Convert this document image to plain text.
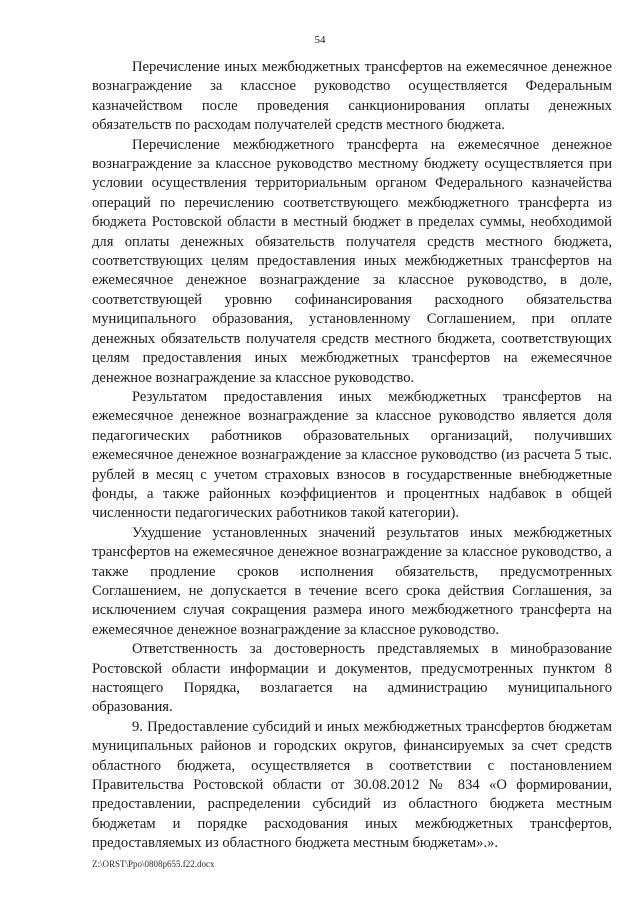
54

Перечисление иных межбюджетных трансфертов на ежемесячное денежное вознаграждение за классное руководство осуществляется Федеральным казначейством после проведения санкционирования оплаты денежных обязательств по расходам получателей средств местного бюджета.

Перечисление межбюджетного трансферта на ежемесячное денежное вознаграждение за классное руководство местному бюджету осуществляется при условии осуществления территориальным органом Федерального казначейства операций по перечислению соответствующего межбюджетного трансферта из бюджета Ростовской области в местный бюджет в пределах суммы, необходимой для оплаты денежных обязательств получателя средств местного бюджета, соответствующих целям предоставления иных межбюджетных трансфертов на ежемесячное денежное вознаграждение за классное руководство, в доле, соответствующей уровню софинансирования расходного обязательства муниципального образования, установленному Соглашением, при оплате денежных обязательств получателя средств местного бюджета, соответствующих целям предоставления иных межбюджетных трансфертов на ежемесячное денежное вознаграждение за классное руководство.

Результатом предоставления иных межбюджетных трансфертов на ежемесячное денежное вознаграждение за классное руководство является доля педагогических работников образовательных организаций, получивших ежемесячное денежное вознаграждение за классное руководство (из расчета 5 тыс. рублей в месяц с учетом страховых взносов в государственные внебюджетные фонды, а также районных коэффициентов и процентных надбавок в общей численности педагогических работников такой категории).

Ухудшение установленных значений результатов иных межбюджетных трансфертов на ежемесячное денежное вознаграждение за классное руководство, а также продление сроков исполнения обязательств, предусмотренных Соглашением, не допускается в течение всего срока действия Соглашения, за исключением случая сокращения размера иного межбюджетного трансферта на ежемесячное денежное вознаграждение за классное руководство.

Ответственность за достоверность представляемых в минобразование Ростовской области информации и документов, предусмотренных пунктом 8 настоящего Порядка, возлагается на администрацию муниципального образования.

9. Предоставление субсидий и иных межбюджетных трансфертов бюджетам муниципальных районов и городских округов, финансируемых за счет средств областного бюджета, осуществляется в соответствии с постановлением Правительства Ростовской области от 30.08.2012 № 834 «О формировании, предоставлении, распределении субсидий из областного бюджета местным бюджетам и порядке расходования иных межбюджетных трансфертов, предоставляемых из областного бюджета местным бюджетам».».

Z:\ORST\Ppo\0808p655.f22.docx
